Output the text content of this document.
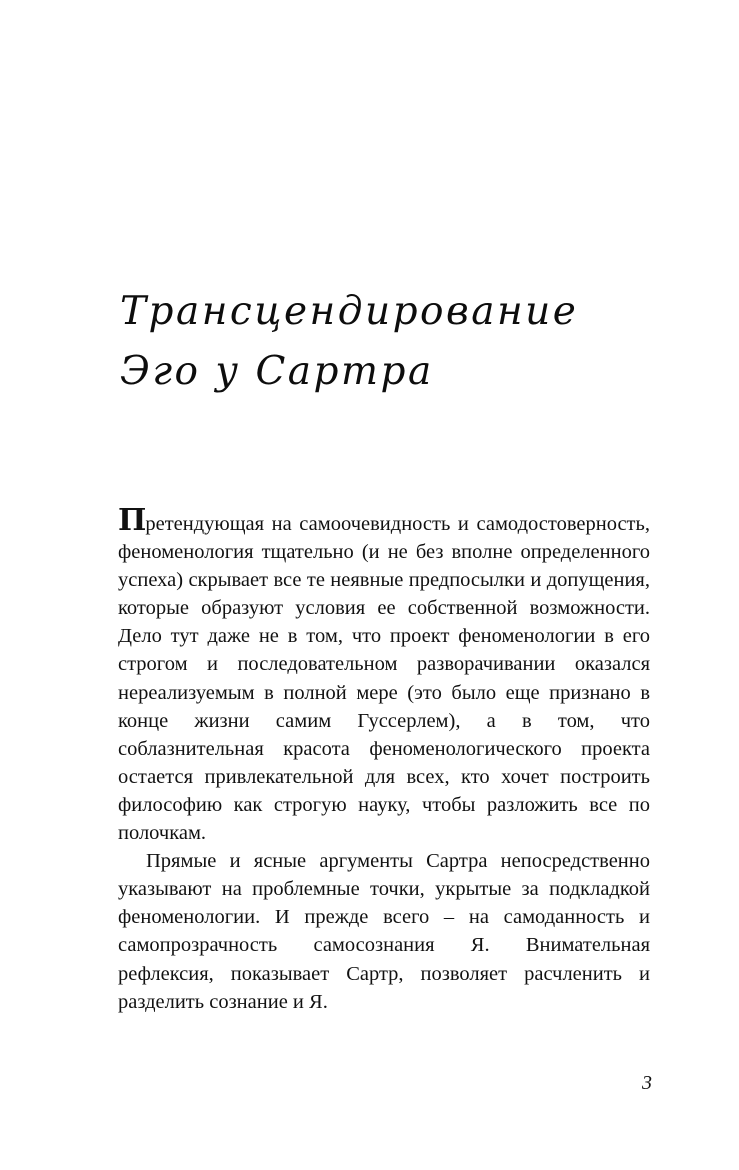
Трансцендирование
Эго у Сартра

Претендующая на самоочевидность и самодостоверность, феноменология тщательно (и не без вполне определенного успеха) скрывает все те неявные предпосылки и допущения, которые образуют условия ее собственной возможности. Дело тут даже не в том, что проект феноменологии в его строгом и последовательном разворачивании оказался нереализуемым в полной мере (это было еще признано в конце жизни самим Гуссерлем), а в том, что соблазнительная красота феноменологического проекта остается привлекательной для всех, кто хочет построить философию как строгую науку, чтобы разложить все по полочкам.

Прямые и ясные аргументы Сартра непосредственно указывают на проблемные точки, укрытые за подкладкой феноменологии. И прежде всего – на самоданность и самопрозрачность самосознания Я. Внимательная рефлексия, показывает Сартр, позволяет расчленить и разделить сознание и Я.

3
